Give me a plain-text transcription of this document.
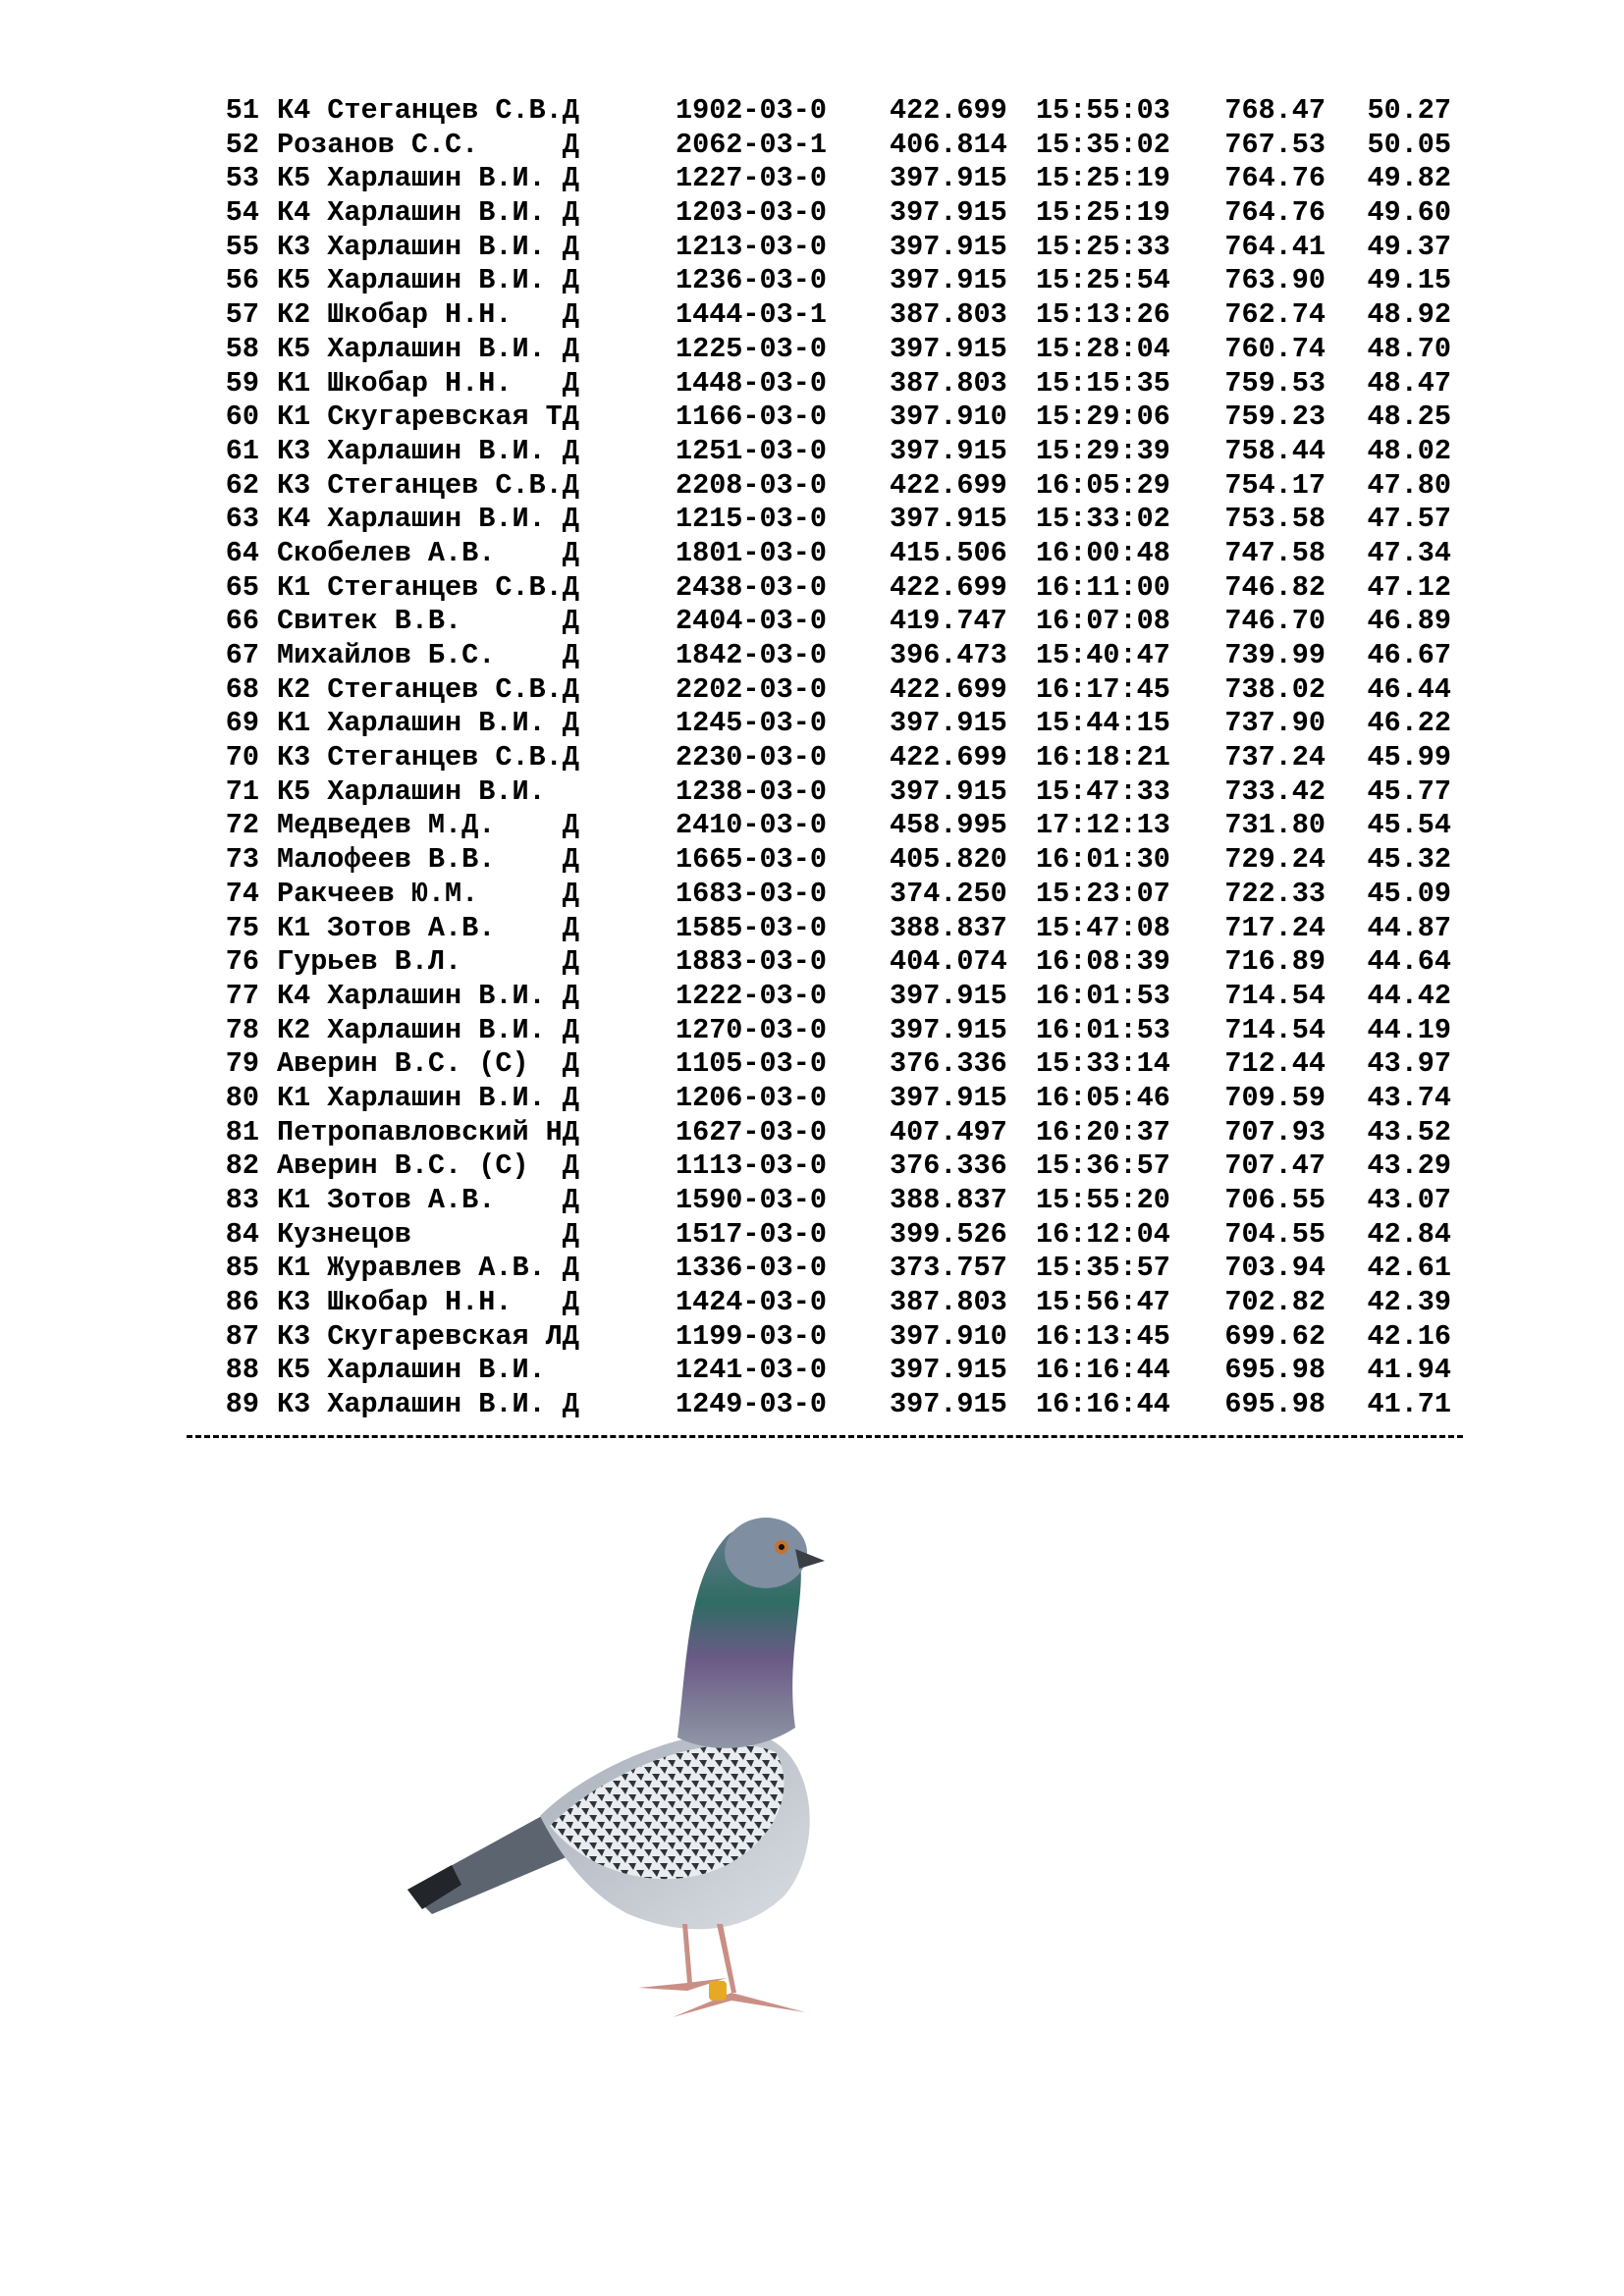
51 К4 Стеганцев С.В.Д	1902-03-0 422.699 15:55:03	768.47	50.27
52 Розанов С.С.     Д	2062-03-1 406.814 15:35:02	767.53	50.05
53 К5 Харлашин В.И. Д	1227-03-0 397.915 15:25:19	764.76	49.82
54 К4 Харлашин В.И. Д	1203-03-0 397.915 15:25:19	764.76	49.60
55 К3 Харлашин В.И. Д	1213-03-0 397.915 15:25:33	764.41	49.37
56 К5 Харлашин В.И. Д	1236-03-0 397.915 15:25:54	763.90	49.15
57 К2 Шкобар Н.Н.   Д	1444-03-1 387.803 15:13:26	762.74	48.92
58 К5 Харлашин В.И. Д	1225-03-0 397.915 15:28:04	760.74	48.70
59 К1 Шкобар Н.Н.   Д	1448-03-0 387.803 15:15:35	759.53	48.47
60 К1 Скугаревская ТД	1166-03-0 397.910 15:29:06	759.23	48.25
61 К3 Харлашин В.И. Д	1251-03-0 397.915 15:29:39	758.44	48.02
62 К3 Стеганцев С.В.Д	2208-03-0 422.699 16:05:29	754.17	47.80
63 К4 Харлашин В.И. Д	1215-03-0 397.915 15:33:02	753.58	47.57
64 Скобелев А.В.    Д	1801-03-0 415.506 16:00:48	747.58	47.34
65 К1 Стеганцев С.В.Д	2438-03-0 422.699 16:11:00	746.82	47.12
66 Свитек В.В.      Д	2404-03-0 419.747 16:07:08	746.70	46.89
67 Михайлов Б.С.    Д	1842-03-0 396.473 15:40:47	739.99	46.67
68 К2 Стеганцев С.В.Д	2202-03-0 422.699 16:17:45	738.02	46.44
69 К1 Харлашин В.И. Д	1245-03-0 397.915 15:44:15	737.90	46.22
70 К3 Стеганцев С.В.Д	2230-03-0 422.699 16:18:21	737.24	45.99
71 К5 Харлашин В.И.	1238-03-0 397.915 15:47:33	733.42	45.77
72 Медведев М.Д.    Д	2410-03-0 458.995 17:12:13	731.80	45.54
73 Малофеев В.В.    Д	1665-03-0 405.820 16:01:30	729.24	45.32
74 Ракчеев Ю.М.     Д	1683-03-0 374.250 15:23:07	722.33	45.09
75 К1 Зотов А.В.    Д	1585-03-0 388.837 15:47:08	717.24	44.87
76 Гурьев В.Л.      Д	1883-03-0 404.074 16:08:39	716.89	44.64
77 К4 Харлашин В.И. Д	1222-03-0 397.915 16:01:53	714.54	44.42
78 К2 Харлашин В.И. Д	1270-03-0 397.915 16:01:53	714.54	44.19
79 Аверин В.С. (С)  Д	1105-03-0 376.336 15:33:14	712.44	43.97
80 К1 Харлашин В.И. Д	1206-03-0 397.915 16:05:46	709.59	43.74
81 Петропавловский НД	1627-03-0 407.497 16:20:37	707.93	43.52
82 Аверин В.С. (С)  Д	1113-03-0 376.336 15:36:57	707.47	43.29
83 К1 Зотов А.В.    Д	1590-03-0 388.837 15:55:20	706.55	43.07
84 Кузнецов         Д	1517-03-0 399.526 16:12:04	704.55	42.84
85 К1 Журавлев А.В. Д	1336-03-0 373.757 15:35:57	703.94	42.61
86 К3 Шкобар Н.Н.   Д	1424-03-0 387.803 15:56:47	702.82	42.39
87 К3 Скугаревская ЛД	1199-03-0 397.910 16:13:45	699.62	42.16
88 К5 Харлашин В.И.	1241-03-0 397.915 16:16:44	695.98	41.94
89 К3 Харлашин В.И. Д	1249-03-0 397.915 16:16:44	695.98	41.71
